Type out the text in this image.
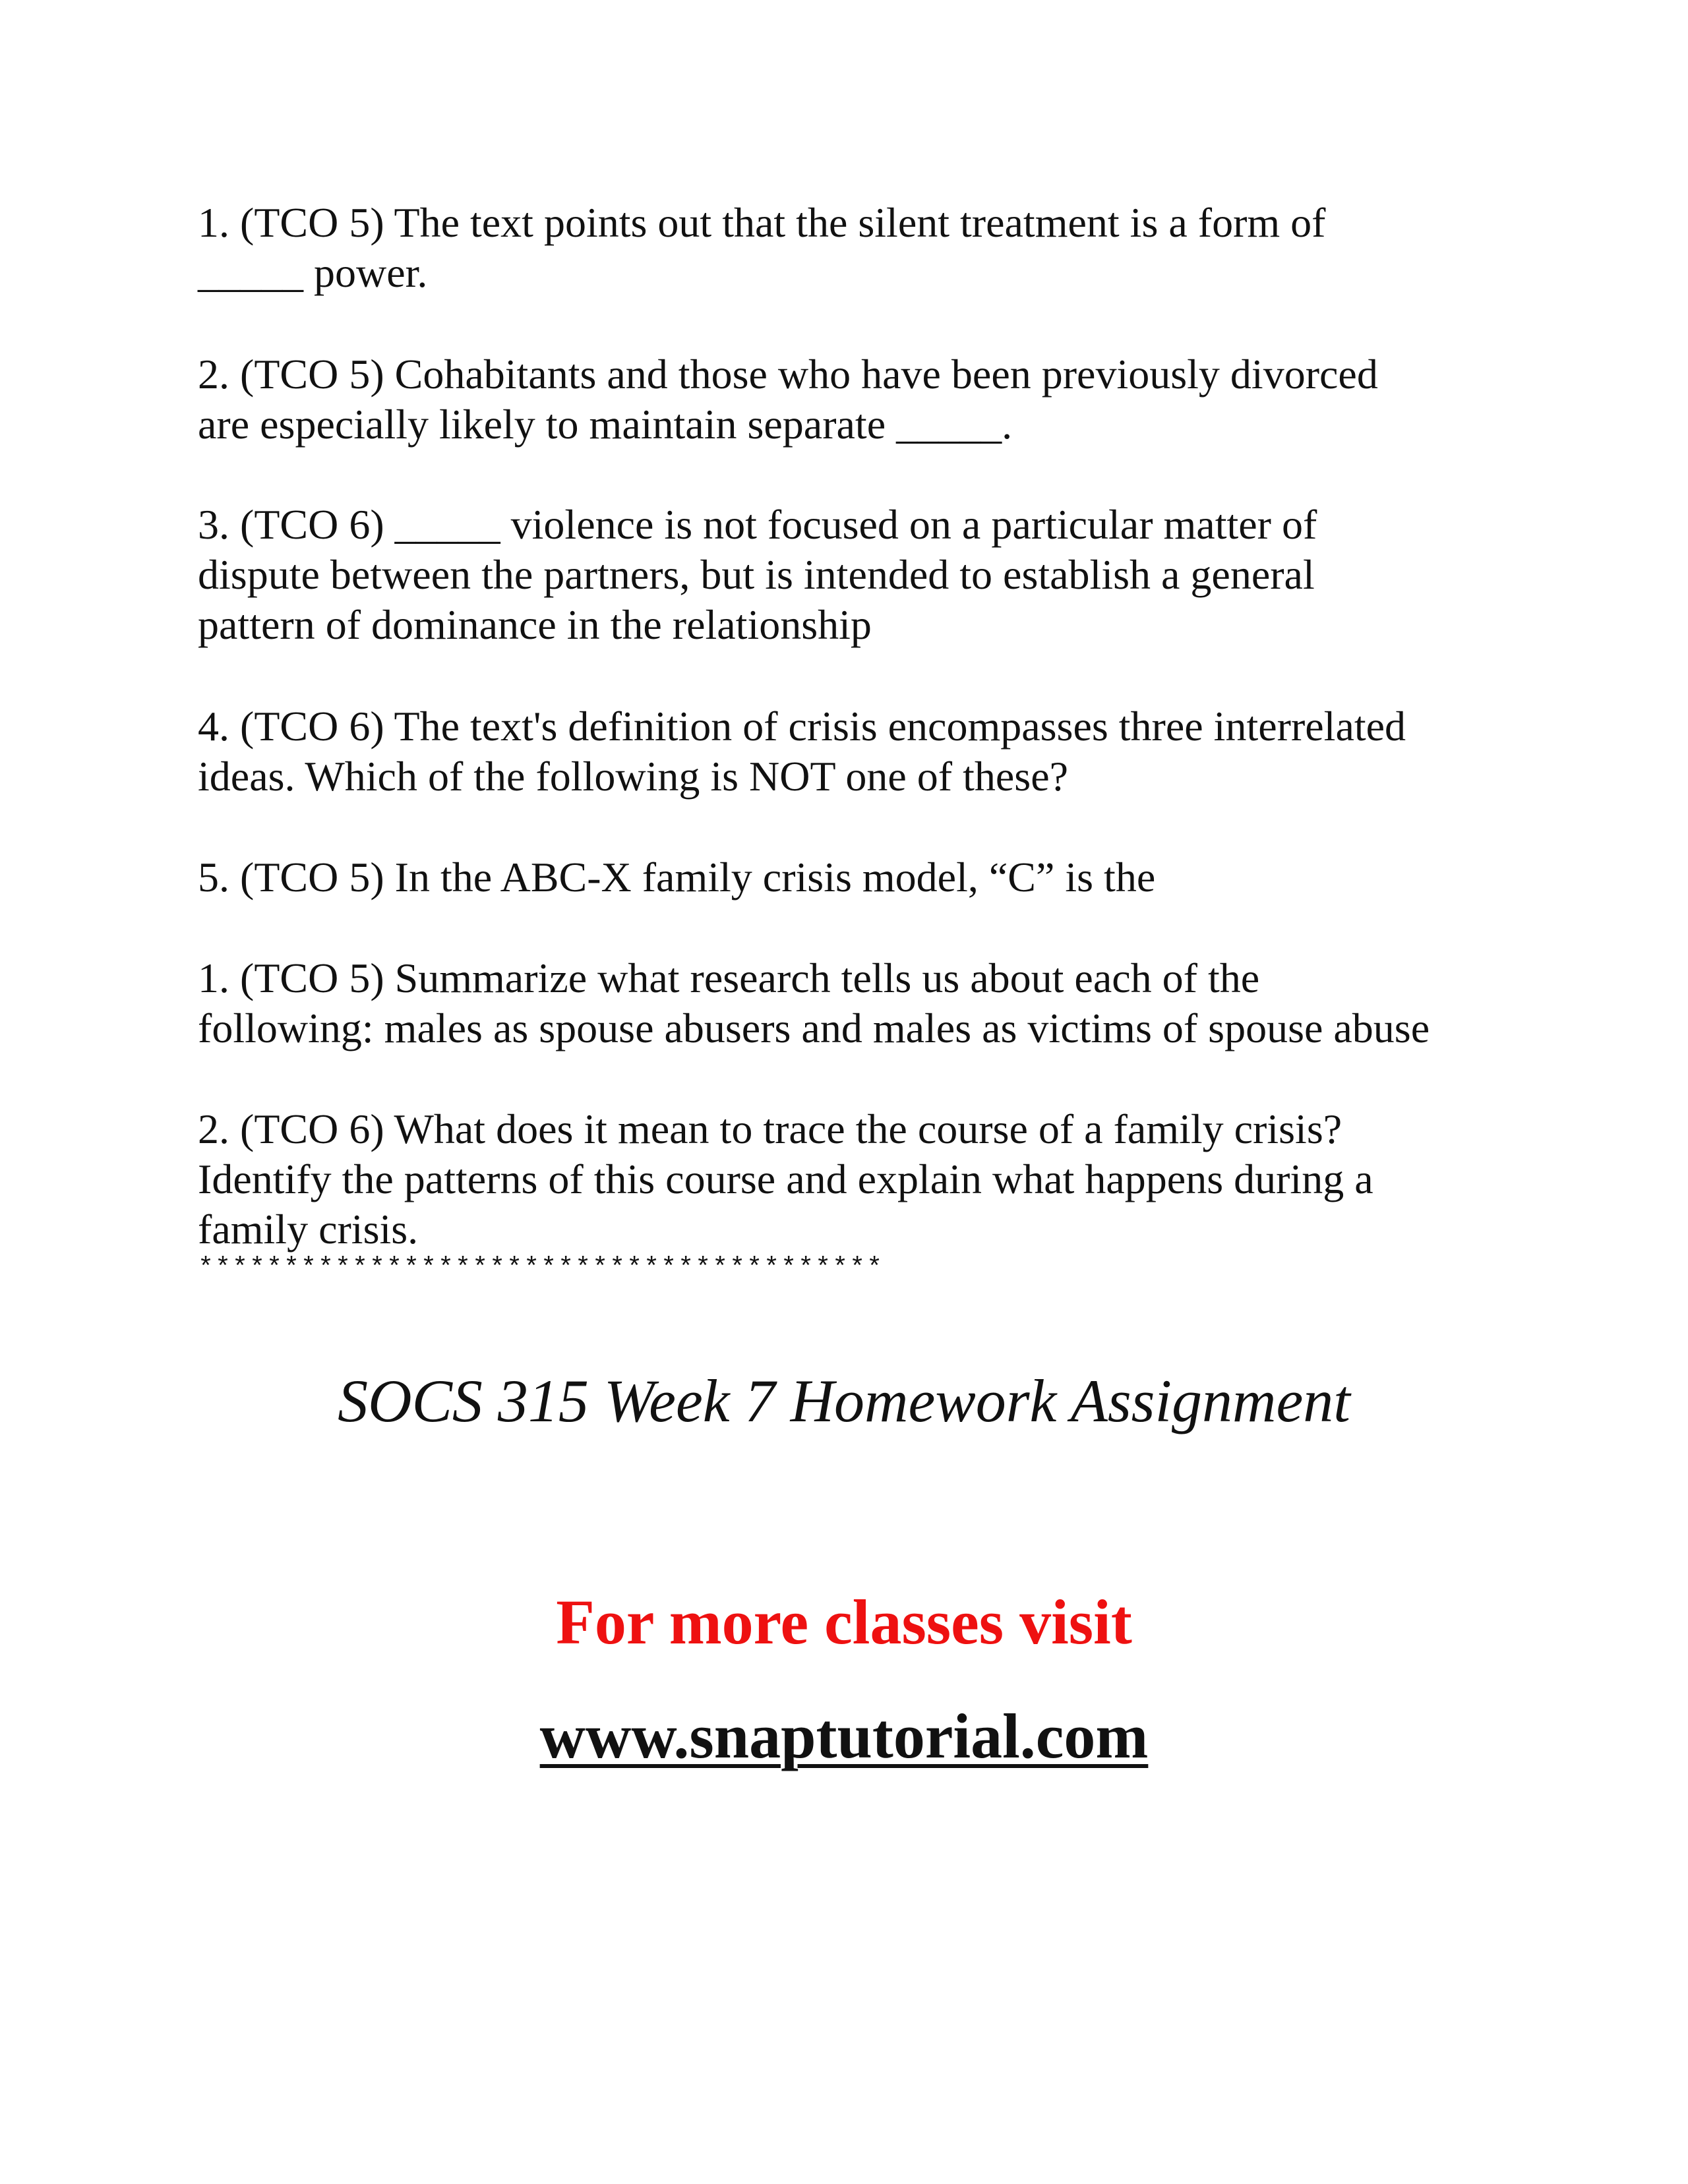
1. (TCO 5) The text points out that the silent treatment is a form of
_____ power.

2. (TCO 5) Cohabitants and those who have been previously divorced
are especially likely to maintain separate _____.

3. (TCO 6) _____ violence is not focused on a particular matter of
dispute between the partners, but is intended to establish a general
pattern of dominance in the relationship

4. (TCO 6) The text's definition of crisis encompasses three interrelated
ideas. Which of the following is NOT one of these?

5. (TCO 5) In the ABC-X family crisis model, “C” is the

1. (TCO 5) Summarize what research tells us about each of the
following: males as spouse abusers and males as victims of spouse abuse

2. (TCO 6) What does it mean to trace the course of a family crisis?
Identify the patterns of this course and explain what happens during a
family crisis.

****************************************
SOCS 315 Week 7 Homework Assignment
For more classes visit
www.snaptutorial.com
